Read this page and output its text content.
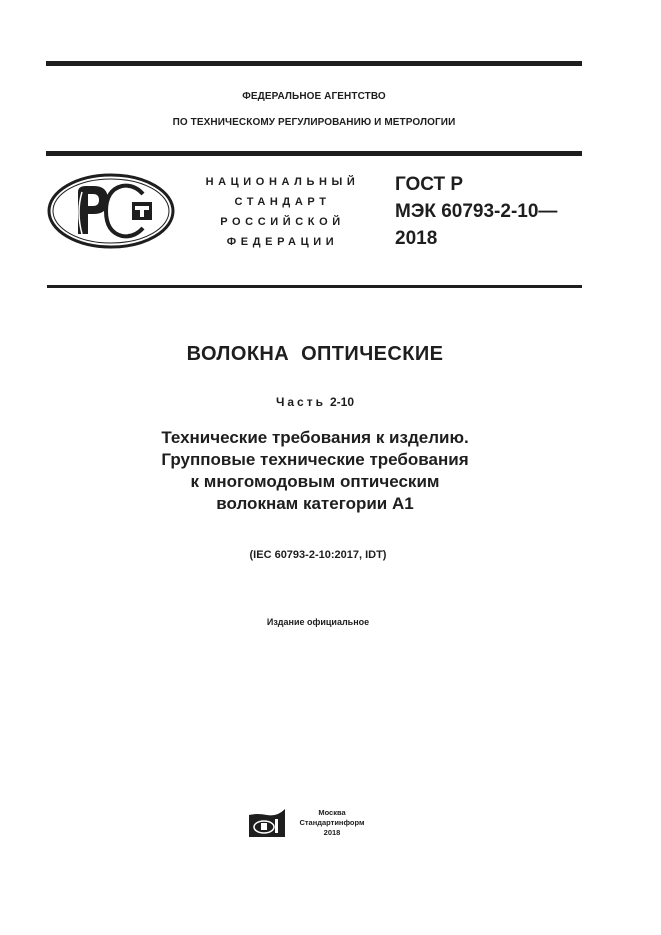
ФЕДЕРАЛЬНОЕ АГЕНТСТВО
ПО ТЕХНИЧЕСКОМУ РЕГУЛИРОВАНИЮ И МЕТРОЛОГИИ
НАЦИОНАЛЬНЫЙ
СТАНДАРТ
РОССИЙСКОЙ
ФЕДЕРАЦИИ
ГОСТ Р
МЭК 60793-2-10—
2018
ВОЛОКНА ОПТИЧЕСКИЕ
Часть 2-10
Технические требования к изделию.
Групповые технические требования
к многомодовым оптическим
волокнам категории А1
(IEC 60793-2-10:2017, IDT)
Издание официальное
Москва
Стандартинформ
2018
